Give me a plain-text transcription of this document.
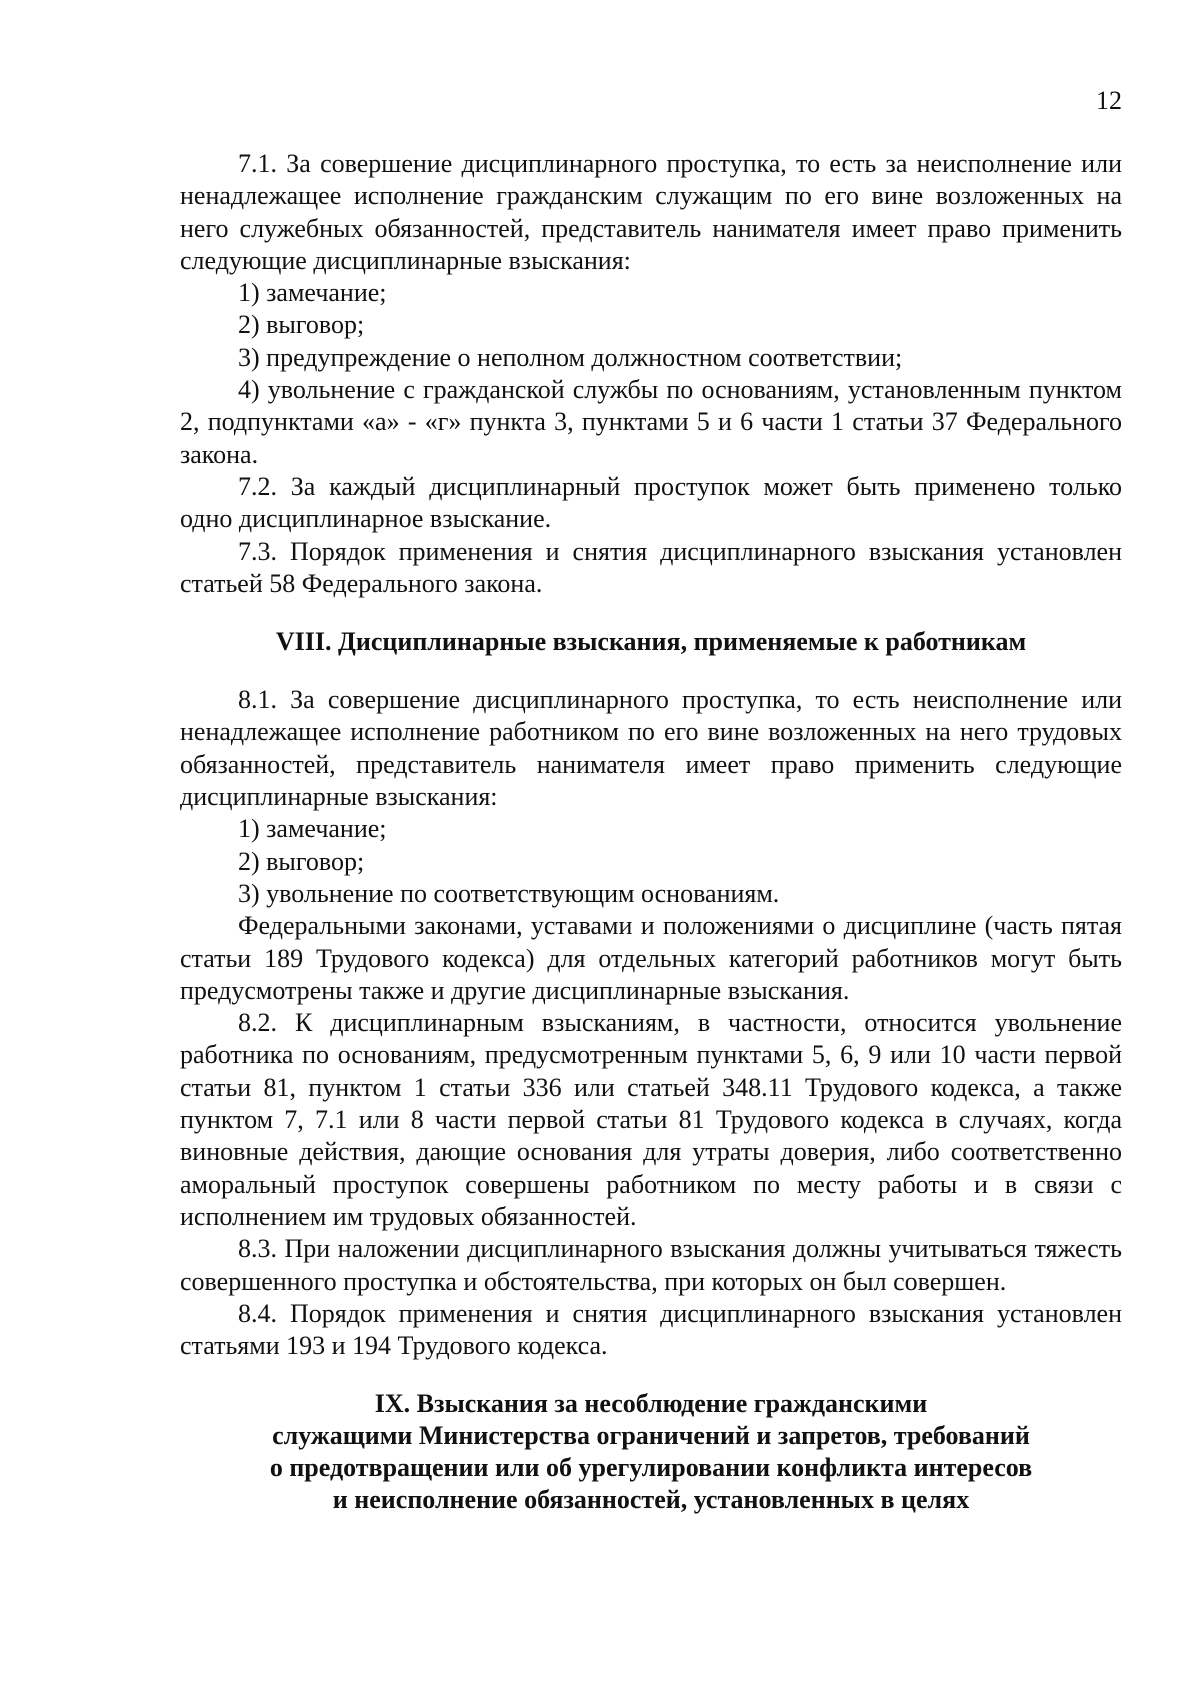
12

7.1. За совершение дисциплинарного проступка, то есть за неисполнение или ненадлежащее исполнение гражданским служащим по его вине возложенных на него служебных обязанностей, представитель нанимателя имеет право применить следующие дисциплинарные взыскания:

1) замечание;

2) выговор;

3) предупреждение о неполном должностном соответствии;

4) увольнение с гражданской службы по основаниям, установленным пунктом 2, подпунктами «а» - «г» пункта 3, пунктами 5 и 6 части 1 статьи 37 Федерального закона.

7.2. За каждый дисциплинарный проступок может быть применено только одно дисциплинарное взыскание.

7.3. Порядок применения и снятия дисциплинарного взыскания установлен статьей 58 Федерального закона.

VIII. Дисциплинарные взыскания, применяемые к работникам

8.1. За совершение дисциплинарного проступка, то есть неисполнение или ненадлежащее исполнение работником по его вине возложенных на него трудовых обязанностей, представитель нанимателя имеет право применить следующие дисциплинарные взыскания:

1) замечание;

2) выговор;

3) увольнение по соответствующим основаниям.

Федеральными законами, уставами и положениями о дисциплине (часть пятая статьи 189 Трудового кодекса) для отдельных категорий работников могут быть предусмотрены также и другие дисциплинарные взыскания.

8.2. К дисциплинарным взысканиям, в частности, относится увольнение работника по основаниям, предусмотренным пунктами 5, 6, 9 или 10 части первой статьи 81, пунктом 1 статьи 336 или статьей 348.11 Трудового кодекса, а также пунктом 7, 7.1 или 8 части первой статьи 81 Трудового кодекса в случаях, когда виновные действия, дающие основания для утраты доверия, либо соответственно аморальный проступок совершены работником по месту работы и в связи с исполнением им трудовых обязанностей.

8.3. При наложении дисциплинарного взыскания должны учитываться тяжесть совершенного проступка и обстоятельства, при которых он был совершен.

8.4. Порядок применения и снятия дисциплинарного взыскания установлен статьями 193 и 194 Трудового кодекса.

IX. Взыскания за несоблюдение гражданскими
служащими Министерства ограничений и запретов, требований
о предотвращении или об урегулировании конфликта интересов
и неисполнение обязанностей, установленных в целях
